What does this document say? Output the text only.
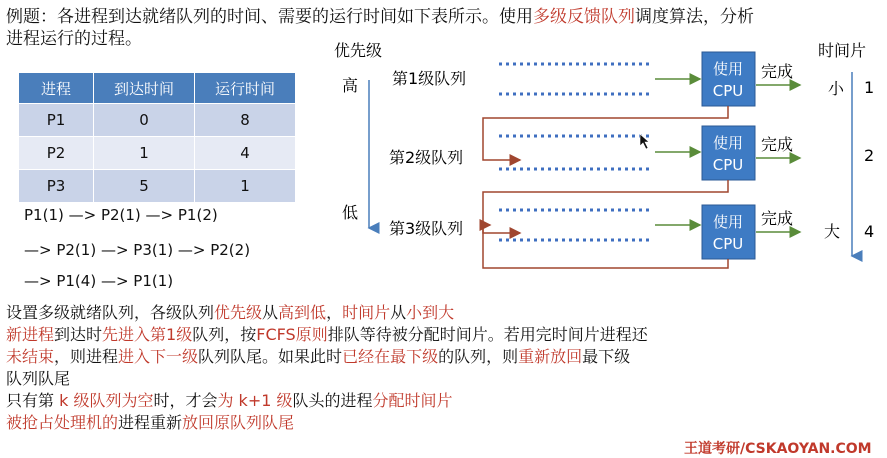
例题：各进程到达就绪队列的时间、需要的运行时间如下表所示。使用多级反馈队列调度算法，分析
进程运行的过程。
进程	到达时间	运行时间
P1	0	8
P2	1	4
P3	5	1
P1(1) —> P2(1) —> P1(2)
—> P2(1) —> P3(1) —> P2(2)
—> P1(4) —> P1(1)
优先级
高
低
第1级队列
第2级队列
第3级队列
使用
CPU
使用
CPU
使用
CPU
完成
完成
完成
时间片
小
大
1
2
4
设置多级就绪队列，各级队列优先级从高到低，时间片从小到大
新进程到达时先进入第1级队列，按FCFS原则排队等待被分配时间片。若用完时间片进程还
未结束，则进程进入下一级队列队尾。如果此时已经在最下级的队列，则重新放回最下级
队列队尾
只有第 k 级队列为空时，才会为 k+1 级队头的进程分配时间片
被抢占处理机的进程重新放回原队列队尾
王道考研/CSKAOYAN.COM
